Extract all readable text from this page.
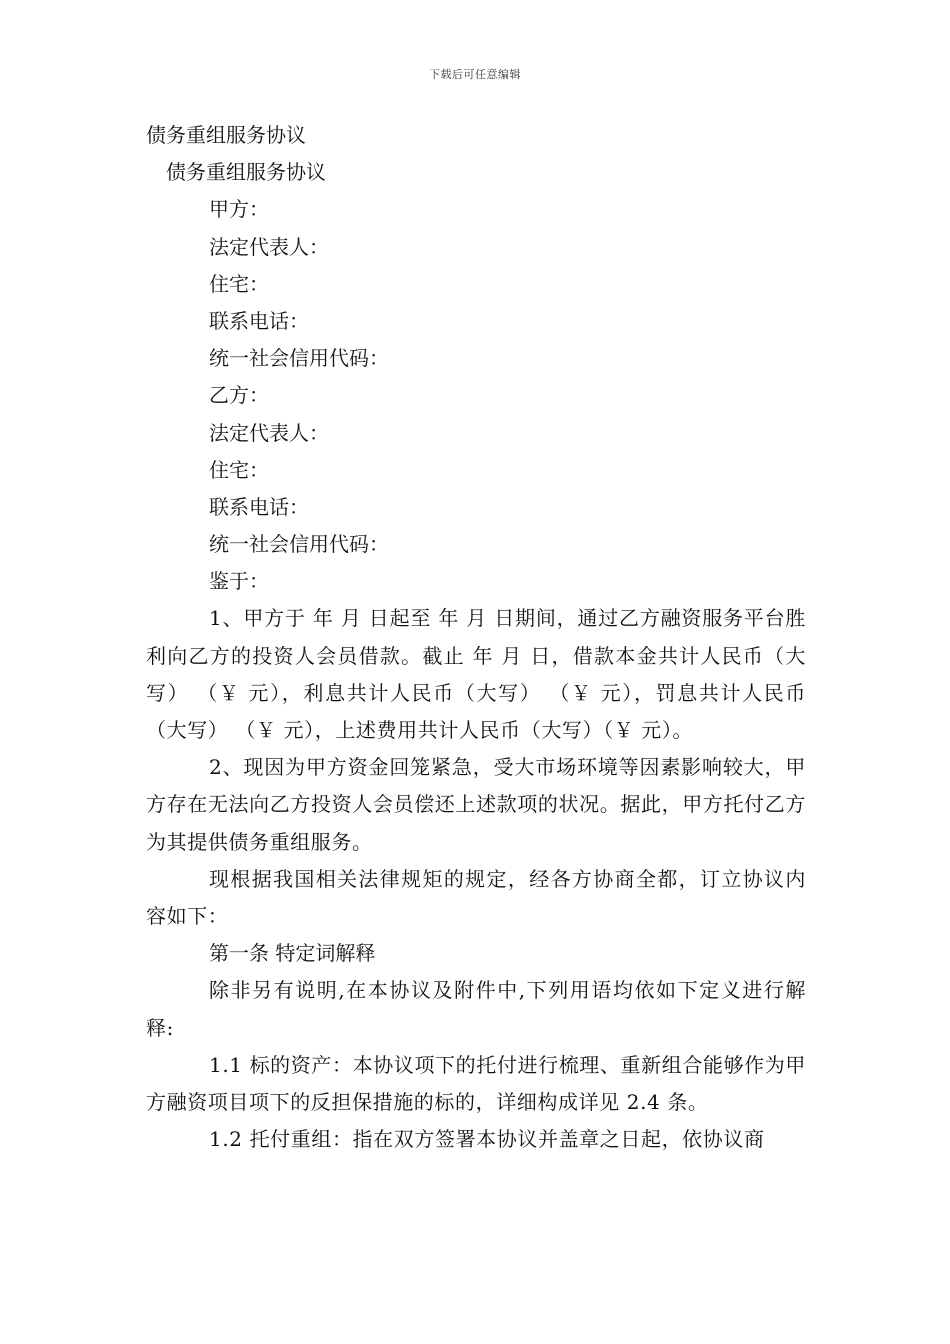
下载后可任意编辑
债务重组服务协议
债务重组服务协议
甲方：
法定代表人：
住宅：
联系电话：
统一社会信用代码：
乙方：
法定代表人：
住宅：
联系电话：
统一社会信用代码：
鉴于：

1、甲方于 年 月 日起至 年 月 日期间，通过乙方融资服务平台胜利向乙方的投资人会员借款。截止 年 月 日，借款本金共计人民币（大写） （￥ 元），利息共计人民币（大写） （￥ 元），罚息共计人民币（大写） （￥ 元），上述费用共计人民币（大写）（￥ 元）。

2、现因为甲方资金回笼紧急，受大市场环境等因素影响较大，甲方存在无法向乙方投资人会员偿还上述款项的状况。据此，甲方托付乙方为其提供债务重组服务。

现根据我国相关法律规矩的规定，经各方协商全都，订立协议内容如下：

第一条 特定词解释

除非另有说明,在本协议及附件中,下列用语均依如下定义进行解释:

1.1 标的资产：本协议项下的托付进行梳理、重新组合能够作为甲方融资项目项下的反担保措施的标的，详细构成详见 2.4 条。

1.2 托付重组：指在双方签署本协议并盖章之日起，依协议商
